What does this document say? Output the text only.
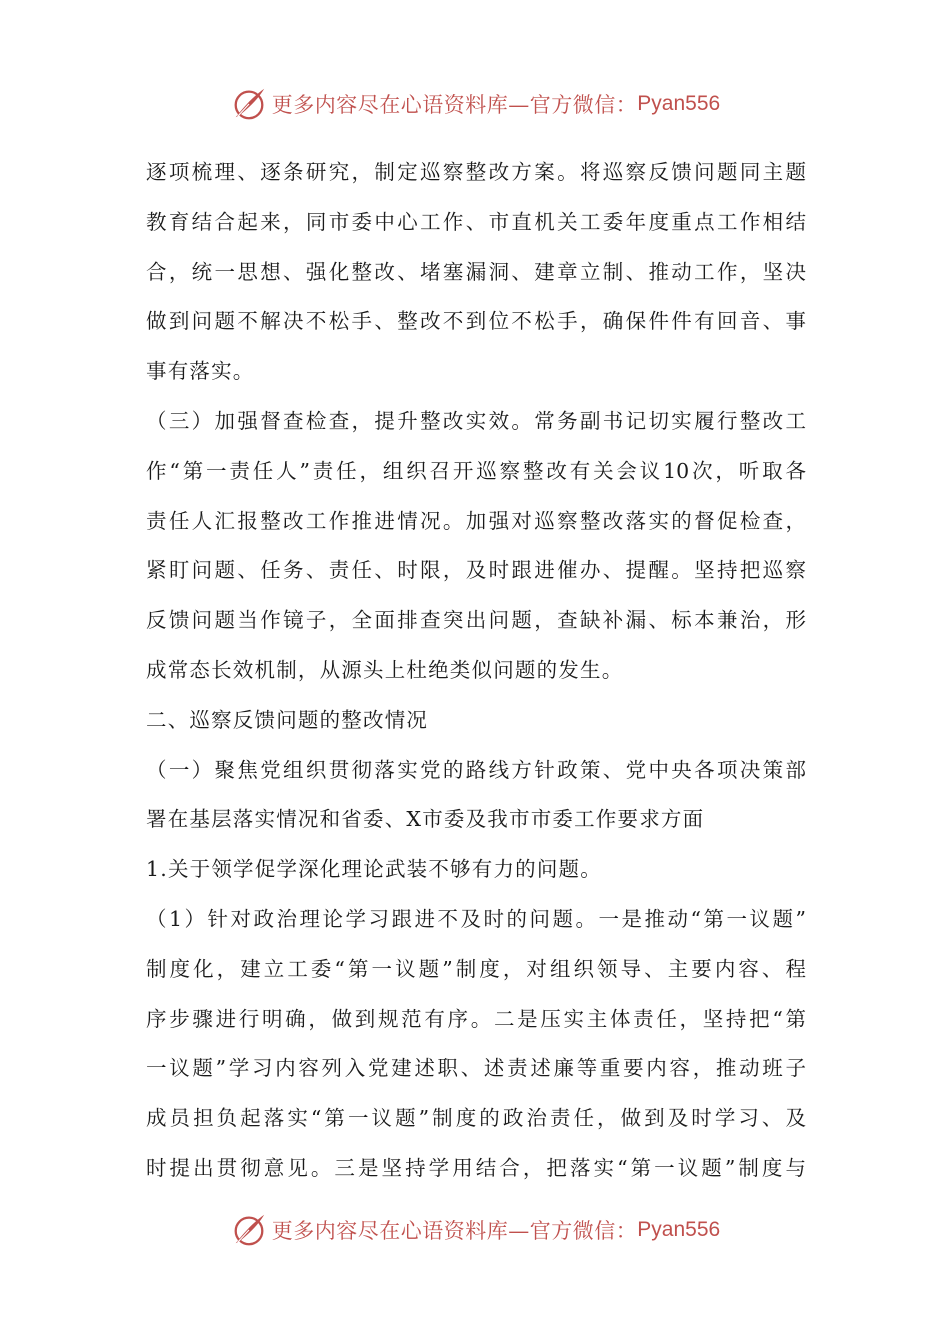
更多内容尽在心语资料库—官方微信： Pyan556
逐项梳理、逐条研究，制定巡察整改方案。将巡察反馈问题同主题
教育结合起来，同市委中心工作、市直机关工委年度重点工作相结
合，统一思想、强化整改、堵塞漏洞、建章立制、推动工作，坚决
做到问题不解决不松手、整改不到位不松手，确保件件有回音、事
事有落实。
（三）加强督查检查，提升整改实效。常务副书记切实履行整改工
作“第一责任人”责任，组织召开巡察整改有关会议10次，听取各
责任人汇报整改工作推进情况。加强对巡察整改落实的督促检查，
紧盯问题、任务、责任、时限，及时跟进催办、提醒。坚持把巡察
反馈问题当作镜子，全面排查突出问题，查缺补漏、标本兼治，形
成常态长效机制，从源头上杜绝类似问题的发生。
二、巡察反馈问题的整改情况
（一）聚焦党组织贯彻落实党的路线方针政策、党中央各项决策部
署在基层落实情况和省委、X市委及我市市委工作要求方面
1.关于领学促学深化理论武装不够有力的问题。
（1）针对政治理论学习跟进不及时的问题。一是推动“第一议题”
制度化，建立工委“第一议题”制度，对组织领导、主要内容、程
序步骤进行明确，做到规范有序。二是压实主体责任，坚持把“第
一议题”学习内容列入党建述职、述责述廉等重要内容，推动班子
成员担负起落实“第一议题”制度的政治责任，做到及时学习、及
时提出贯彻意见。三是坚持学用结合，把落实“第一议题”制度与
更多内容尽在心语资料库—官方微信： Pyan556
